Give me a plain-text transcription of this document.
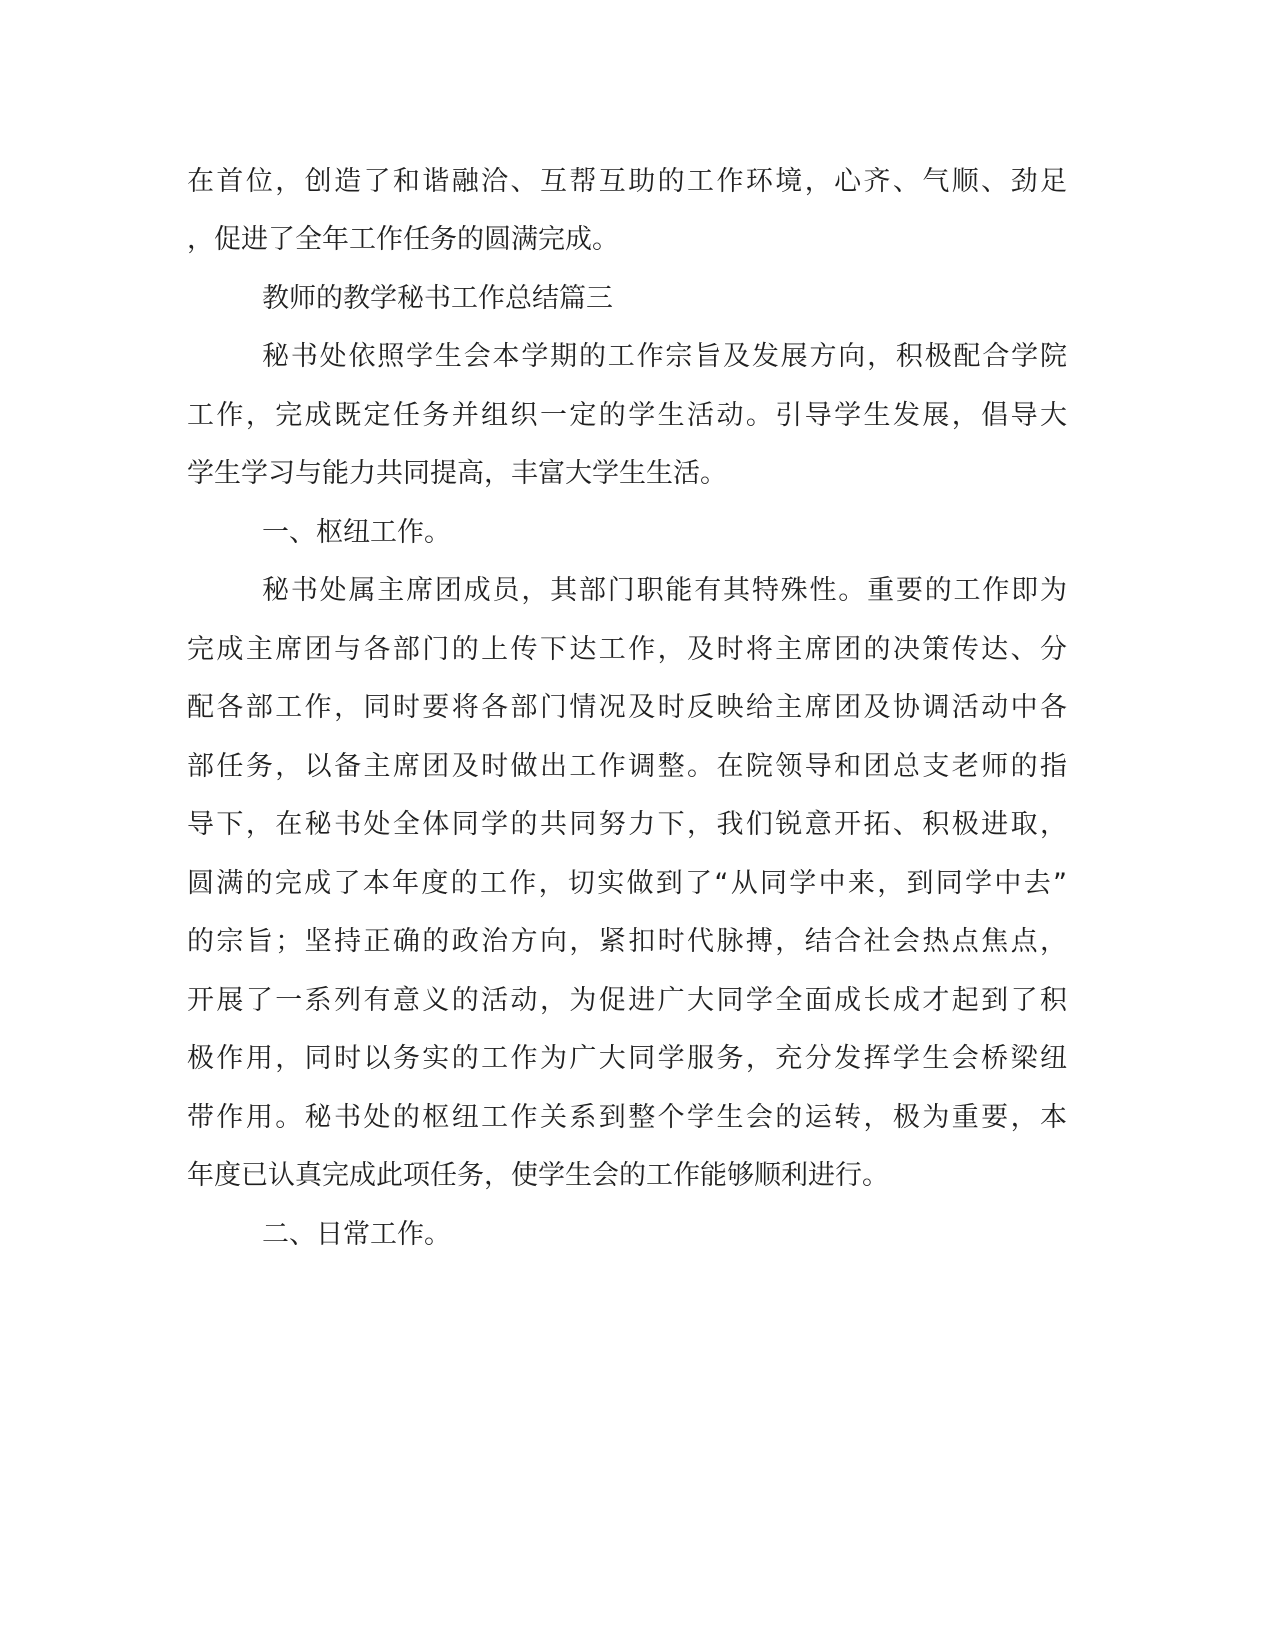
在首位，创造了和谐融洽、互帮互助的工作环境，心齐、气顺、劲足
，促进了全年工作任务的圆满完成。
教师的教学秘书工作总结篇三
秘书处依照学生会本学期的工作宗旨及发展方向，积极配合学院
工作，完成既定任务并组织一定的学生活动。引导学生发展，倡导大
学生学习与能力共同提高，丰富大学生生活。
一、枢纽工作。
秘书处属主席团成员，其部门职能有其特殊性。重要的工作即为
完成主席团与各部门的上传下达工作，及时将主席团的决策传达、分
配各部工作，同时要将各部门情况及时反映给主席团及协调活动中各
部任务，以备主席团及时做出工作调整。在院领导和团总支老师的指
导下，在秘书处全体同学的共同努力下，我们锐意开拓、积极进取，
圆满的完成了本年度的工作，切实做到了“从同学中来，到同学中去”
的宗旨；坚持正确的政治方向，紧扣时代脉搏，结合社会热点焦点，
开展了一系列有意义的活动，为促进广大同学全面成长成才起到了积
极作用，同时以务实的工作为广大同学服务，充分发挥学生会桥梁纽
带作用。秘书处的枢纽工作关系到整个学生会的运转，极为重要，本
年度已认真完成此项任务，使学生会的工作能够顺利进行。
二、日常工作。
